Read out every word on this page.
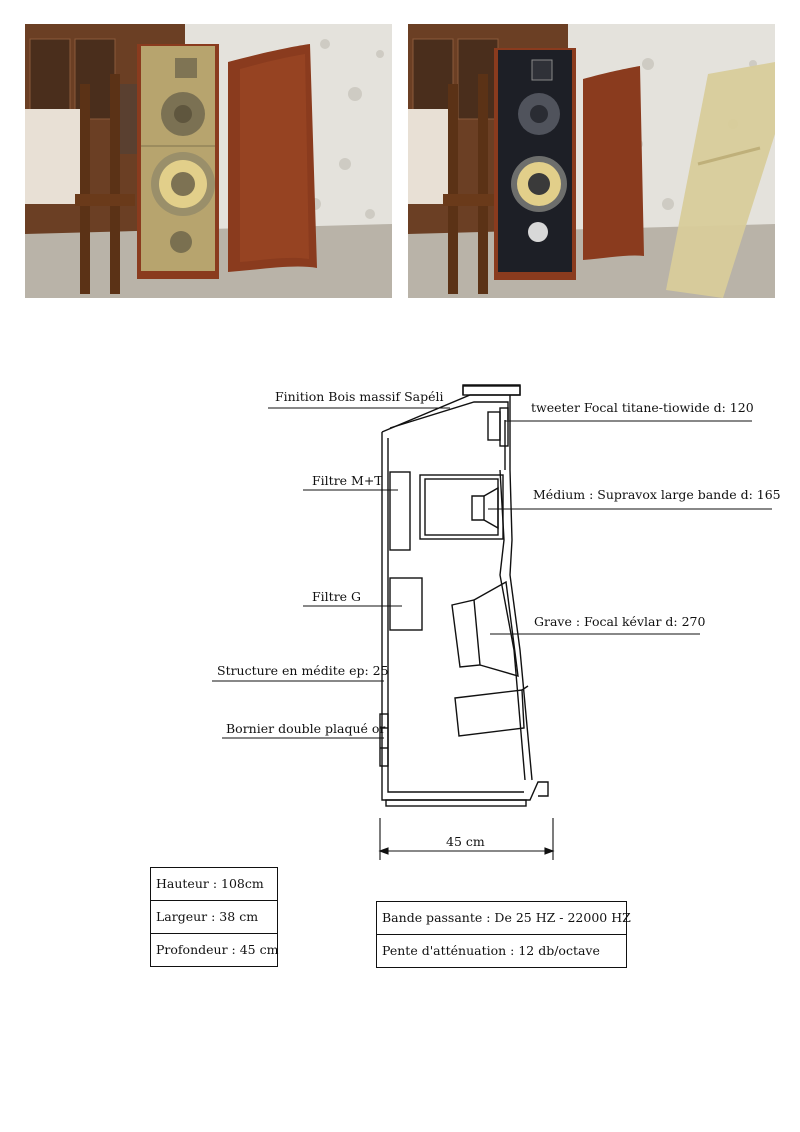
Finition Bois massif Sapéli
tweeter Focal titane-tiowide d: 120
Filtre M+T
Médium : Supravox large bande d: 165
Filtre G
Grave : Focal kévlar d: 270
Structure en médite ep: 25
Bornier double plaqué or
45 cm
Hauteur : 108cm
Largeur : 38 cm
Profondeur : 45 cm
Bande passante : De 25 HZ - 22000 HZ
Pente d'atténuation : 12 db/octave
